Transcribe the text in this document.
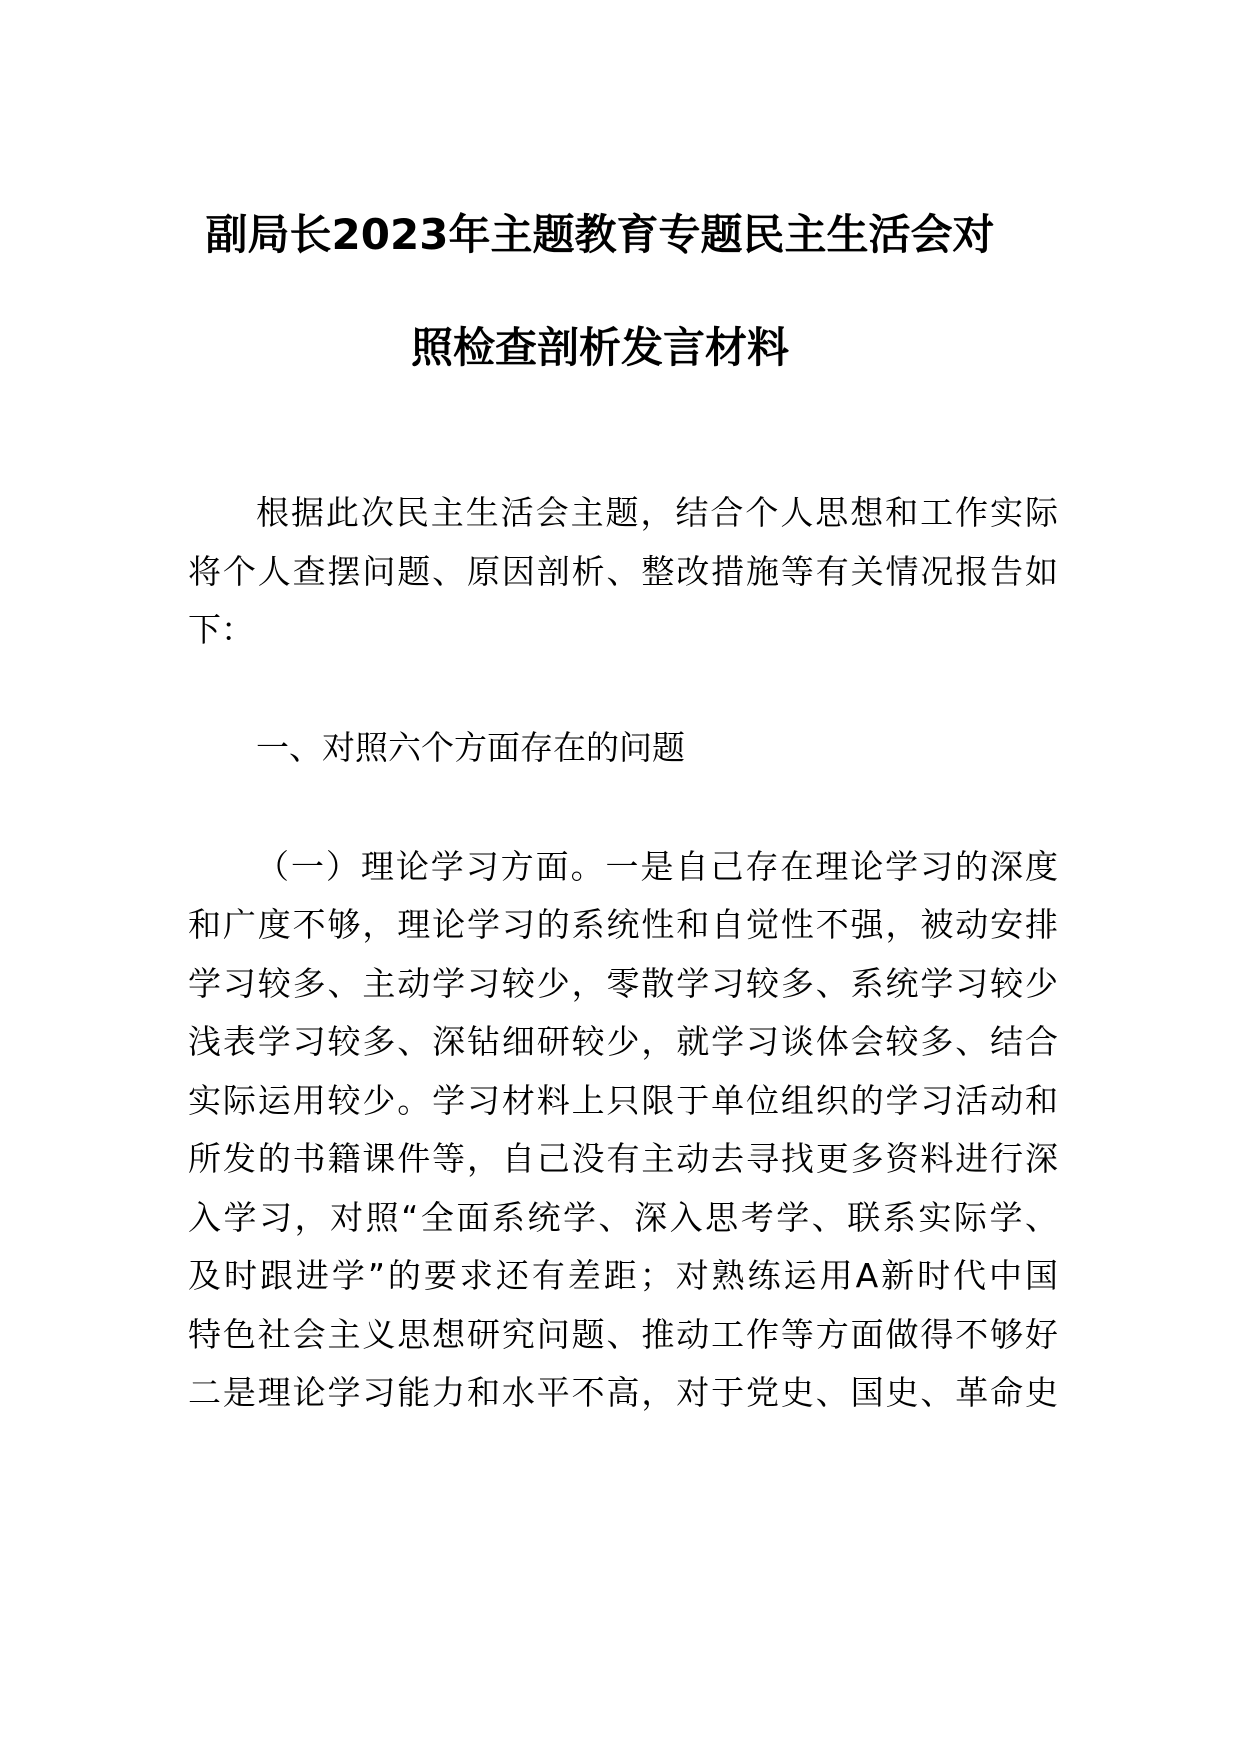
副局长2023年主题教育专题民主生活会对
照检查剖析发言材料
根据此次民主生活会主题，结合个人思想和工作实际
将个人查摆问题、原因剖析、整改措施等有关情况报告如
下：
一、对照六个方面存在的问题
（一）理论学习方面。一是自己存在理论学习的深度
和广度不够，理论学习的系统性和自觉性不强，被动安排
学习较多、主动学习较少，零散学习较多、系统学习较少
浅表学习较多、深钻细研较少，就学习谈体会较多、结合
实际运用较少。学习材料上只限于单位组织的学习活动和
所发的书籍课件等，自己没有主动去寻找更多资料进行深
入学习，对照“全面系统学、深入思考学、联系实际学、
及时跟进学”的要求还有差距；对熟练运用A新时代中国
特色社会主义思想研究问题、推动工作等方面做得不够好
二是理论学习能力和水平不高，对于党史、国史、革命史
